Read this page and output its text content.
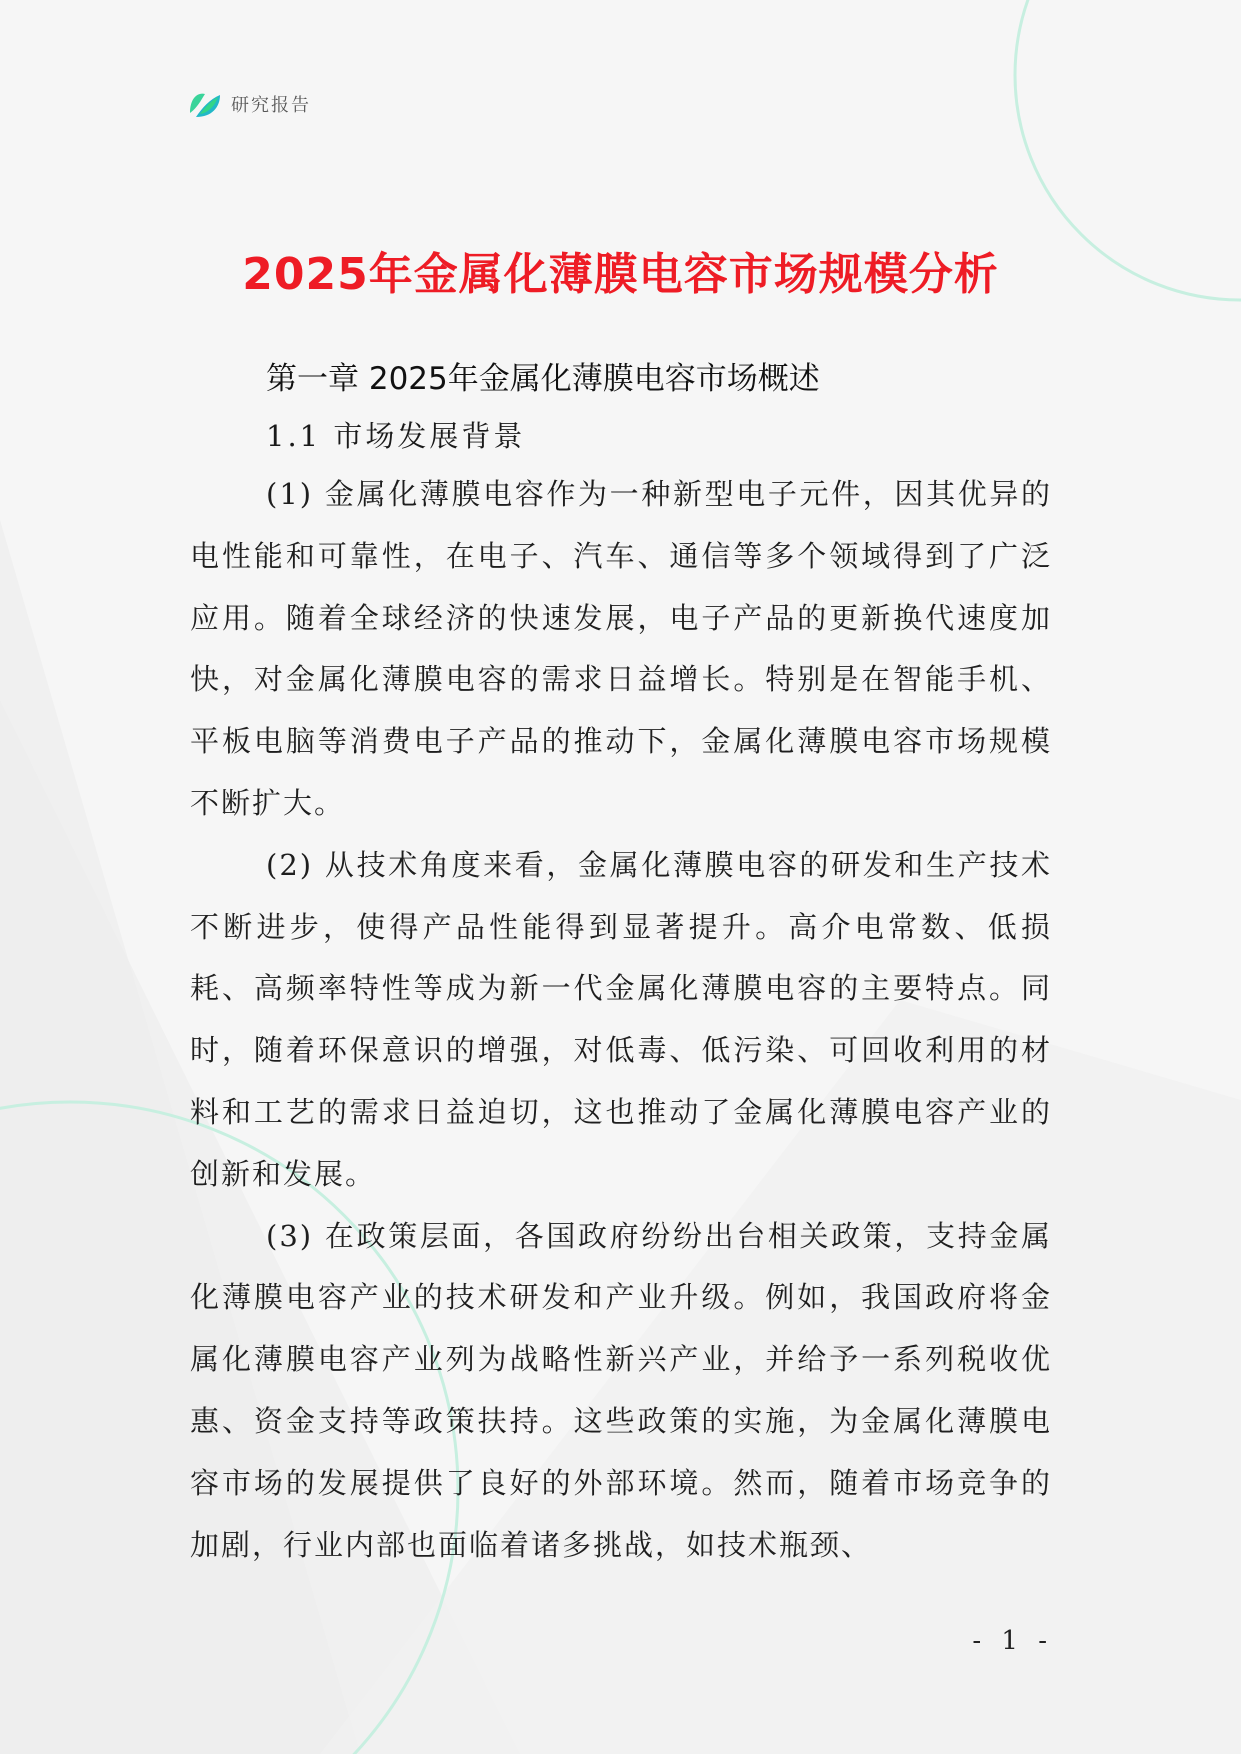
研究报告
2025年金属化薄膜电容市场规模分析
第一章 2025年金属化薄膜电容市场概述
1.1 市场发展背景

(1) 金属化薄膜电容作为一种新型电子元件，因其优异的电性能和可靠性，在电子、汽车、通信等多个领域得到了广泛应用。随着全球经济的快速发展，电子产品的更新换代速度加快，对金属化薄膜电容的需求日益增长。特别是在智能手机、平板电脑等消费电子产品的推动下，金属化薄膜电容市场规模不断扩大。

(2) 从技术角度来看，金属化薄膜电容的研发和生产技术不断进步，使得产品性能得到显著提升。高介电常数、低损耗、高频率特性等成为新一代金属化薄膜电容的主要特点。同时，随着环保意识的增强，对低毒、低污染、可回收利用的材料和工艺的需求日益迫切，这也推动了金属化薄膜电容产业的创新和发展。

(3) 在政策层面，各国政府纷纷出台相关政策，支持金属化薄膜电容产业的技术研发和产业升级。例如，我国政府将金属化薄膜电容产业列为战略性新兴产业，并给予一系列税收优惠、资金支持等政策扶持。这些政策的实施，为金属化薄膜电容市场的发展提供了良好的外部环境。然而，随着市场竞争的加剧，行业内部也面临着诸多挑战，如技术瓶颈、

- 1 -
